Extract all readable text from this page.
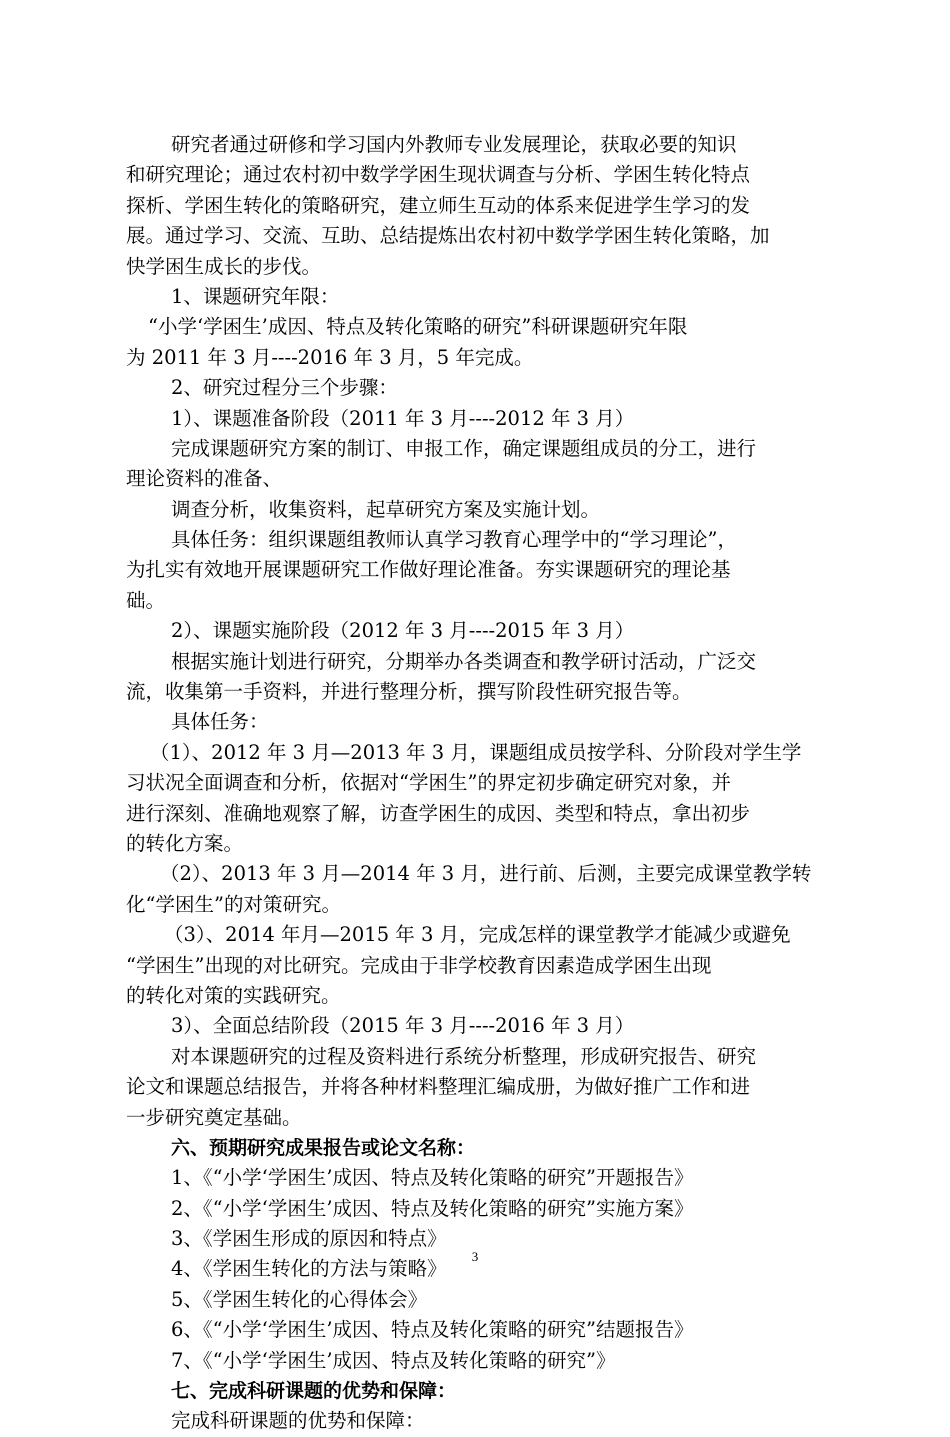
研究者通过研修和学习国内外教师专业发展理论，获取必要的知识

和研究理论；通过农村初中数学学困生现状调查与分析、学困生转化特点

探析、学困生转化的策略研究，建立师生互动的体系来促进学生学习的发

展。通过学习、交流、互助、总结提炼出农村初中数学学困生转化策略，加

快学困生成长的步伐。

1、课题研究年限：

“小学‘学困生’成因、特点及转化策略的研究”科研课题研究年限

为 2011 年 3 月----2016 年 3 月，5 年完成。

2、研究过程分三个步骤：

1）、课题准备阶段（2011 年 3 月----2012 年 3 月）

完成课题研究方案的制订、申报工作，确定课题组成员的分工，进行

理论资料的准备、

调查分析，收集资料，起草研究方案及实施计划。

具体任务：组织课题组教师认真学习教育心理学中的“学习理论”，

为扎实有效地开展课题研究工作做好理论准备。夯实课题研究的理论基

础。

2）、课题实施阶段（2012 年 3 月----2015 年 3 月）

根据实施计划进行研究，分期举办各类调查和教学研讨活动，广泛交

流，收集第一手资料，并进行整理分析，撰写阶段性研究报告等。

具体任务：

（1）、2012 年 3 月—2013 年 3 月，课题组成员按学科、分阶段对学生学

习状况全面调查和分析，依据对“学困生”的界定初步确定研究对象，并

进行深刻、准确地观察了解，访查学困生的成因、类型和特点，拿出初步

的转化方案。

（2）、2013 年 3 月—2014 年 3 月，进行前、后测，主要完成课堂教学转

化“学困生”的对策研究。

（3）、2014 年月—2015 年 3 月，完成怎样的课堂教学才能减少或避免

“学困生”出现的对比研究。完成由于非学校教育因素造成学困生出现

的转化对策的实践研究。

3）、全面总结阶段（2015 年 3 月----2016 年 3 月）

对本课题研究的过程及资料进行系统分析整理，形成研究报告、研究

论文和课题总结报告，并将各种材料整理汇编成册，为做好推广工作和进

一步研究奠定基础。

六、预期研究成果报告或论文名称：

1、《“小学‘学困生’成因、特点及转化策略的研究”开题报告》

2、《“小学‘学困生’成因、特点及转化策略的研究”实施方案》

3、《学困生形成的原因和特点》

4、《学困生转化的方法与策略》

5、《学困生转化的心得体会》

6、《“小学‘学困生’成因、特点及转化策略的研究”结题报告》

7、《“小学‘学困生’成因、特点及转化策略的研究”》

七、完成科研课题的优势和保障：

完成科研课题的优势和保障：

3
